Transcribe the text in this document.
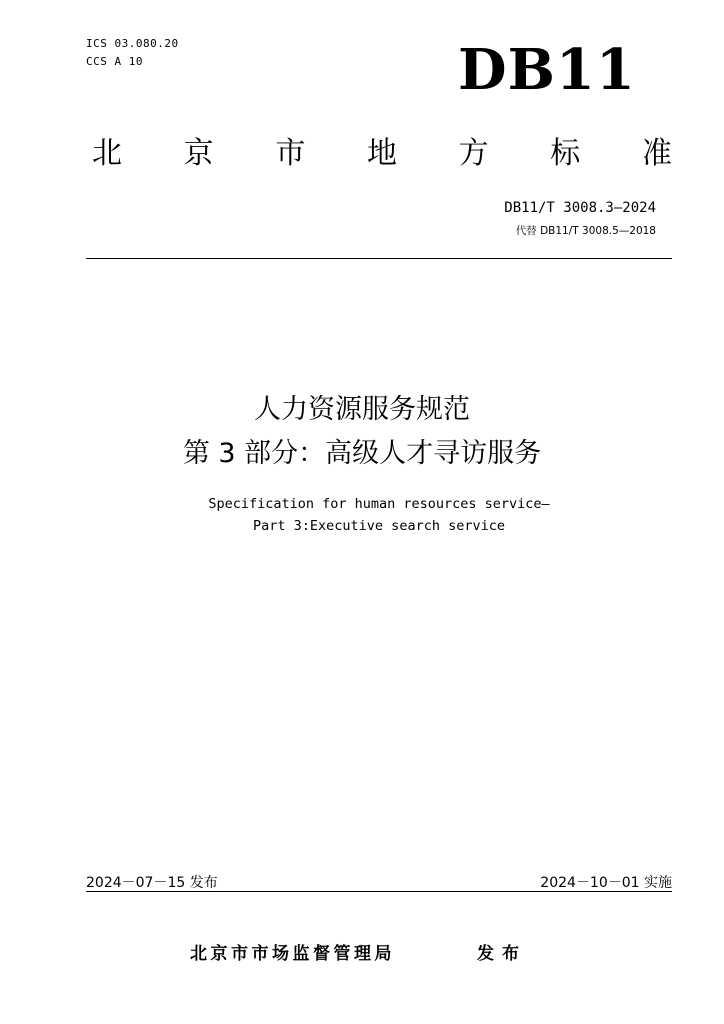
ICS 03.080.20
CCS A 10	DB11
北 京 市 地 方 标 准
DB11/T 3008.3—2024
代替 DB11/T 3008.5—2018
人力资源服务规范
第 3 部分：高级人才寻访服务
Specification for human resources service—
Part 3:Executive search service
2024－07－15 发布	2024－10－01 实施
北京市市场监督管理局	发布
